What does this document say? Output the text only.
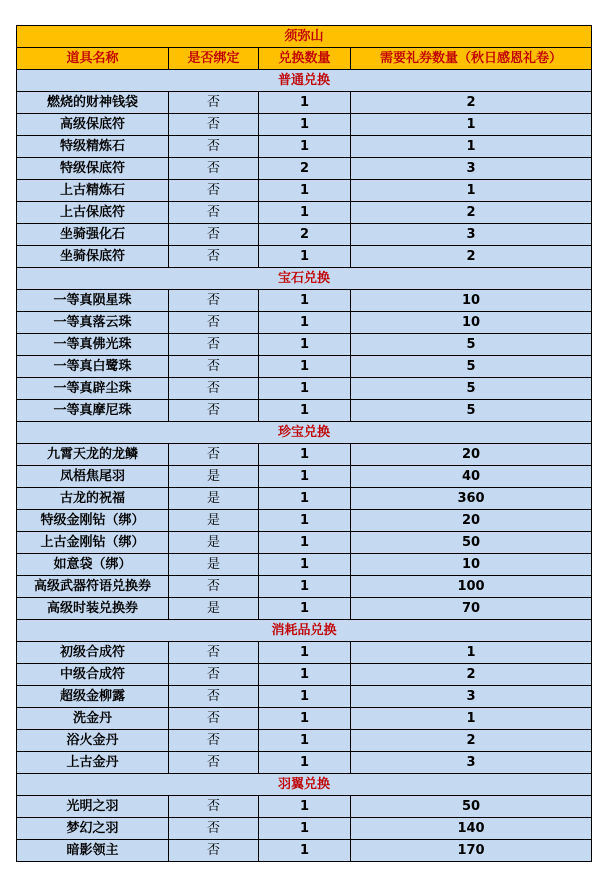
须弥山			
道具名称	是否绑定	兑换数量	需要礼券数量（秋日感恩礼卷）
普通兑换			
燃烧的财神钱袋	否	1	2
高级保底符	否	1	1
特级精炼石	否	1	1
特级保底符	否	2	3
上古精炼石	否	1	1
上古保底符	否	1	2
坐骑强化石	否	2	3
坐骑保底符	否	1	2
宝石兑换			
一等真陨星珠	否	1	10
一等真落云珠	否	1	10
一等真佛光珠	否	1	5
一等真白鹭珠	否	1	5
一等真辟尘珠	否	1	5
一等真摩尼珠	否	1	5
珍宝兑换			
九霄天龙的龙鳞	否	1	20
凤梧焦尾羽	是	1	40
古龙的祝福	是	1	360
特级金刚钻（绑）	是	1	20
上古金刚钻（绑）	是	1	50
如意袋（绑）	是	1	10
高级武器符语兑换券	否	1	100
高级时装兑换券	是	1	70
消耗品兑换			
初级合成符	否	1	1
中级合成符	否	1	2
超级金柳露	否	1	3
洗金丹	否	1	1
浴火金丹	否	1	2
上古金丹	否	1	3
羽翼兑换			
光明之羽	否	1	50
梦幻之羽	否	1	140
暗影领主	否	1	170
